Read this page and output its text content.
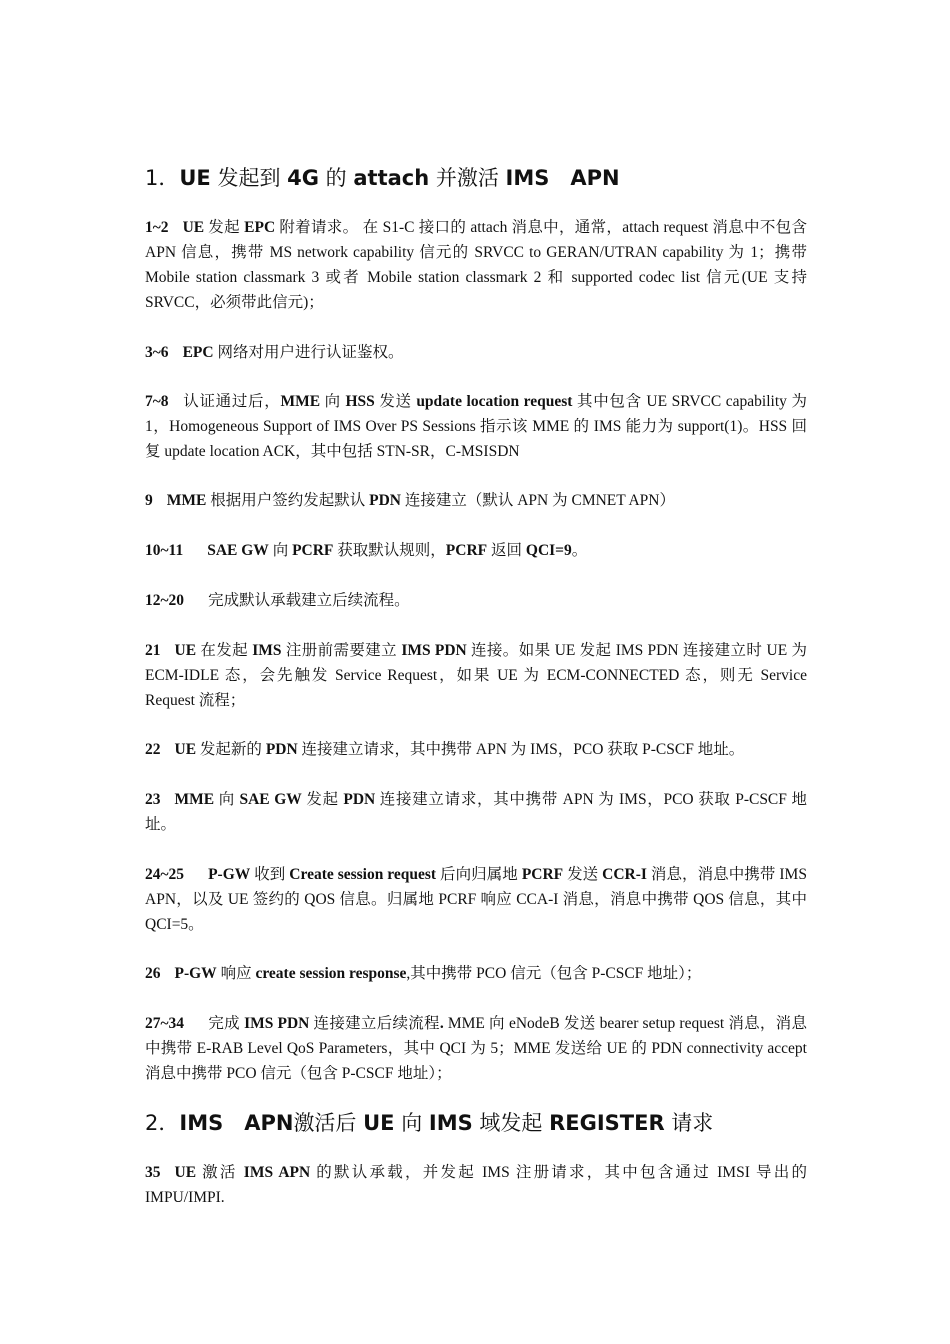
1．UE 发起到 4G 的 attach 并激活 IMS　 APN
1~2 UE 发起 EPC 附着请求。 在 S1-C 接口的 attach 消息中，通常，attach request 消息中不包含 APN 信息，携带 MS network capability 信元的 SRVCC to GERAN/UTRAN capability 为 1；携带 Mobile station classmark 3 或者 Mobile station classmark 2 和 supported codec list 信元(UE 支持 SRVCC，必须带此信元)；
3~6 EPC 网络对用户进行认证鉴权。
7~8 认证通过后，MME 向 HSS 发送 update location request 其中包含 UE SRVCC capability 为 1，Homogeneous Support of IMS Over PS Sessions 指示该 MME 的 IMS 能力为 support(1)。HSS 回复 update location ACK，其中包括 STN-SR，C-MSISDN
9 MME 根据用户签约发起默认 PDN 连接建立（默认 APN 为 CMNET APN）
10~11 SAE GW 向 PCRF 获取默认规则，PCRF 返回 QCI=9。
12~20 完成默认承载建立后续流程。
21 UE 在发起 IMS 注册前需要建立 IMS PDN 连接。如果 UE 发起 IMS PDN 连接建立时 UE 为 ECM-IDLE 态，会先触发 Service Request，如果 UE 为 ECM-CONNECTED 态，则无 Service Request 流程；
22 UE 发起新的 PDN 连接建立请求，其中携带 APN 为 IMS，PCO 获取 P-CSCF 地址。
23 MME 向 SAE GW 发起 PDN 连接建立请求，其中携带 APN 为 IMS，PCO 获取 P-CSCF 地址。
24~25 P-GW 收到 Create session request 后向归属地 PCRF 发送 CCR-I 消息，消息中携带 IMS APN，以及 UE 签约的 QOS 信息。归属地 PCRF 响应 CCA-I 消息，消息中携带 QOS 信息，其中 QCI=5。
26 P-GW 响应 create session response,其中携带 PCO 信元（包含 P-CSCF 地址）；
27~34 完成 IMS PDN 连接建立后续流程. MME 向 eNodeB 发送 bearer setup request 消息，消息中携带 E-RAB Level QoS Parameters，其中 QCI 为 5；MME 发送给 UE 的 PDN connectivity accept 消息中携带 PCO 信元（包含 P-CSCF 地址）；
2．IMS　 APN激活后 UE 向 IMS 域发起 REGISTER 请求
35 UE 激活 IMS APN 的默认承载，并发起 IMS 注册请求，其中包含通过 IMSI 导出的 IMPU/IMPI.
